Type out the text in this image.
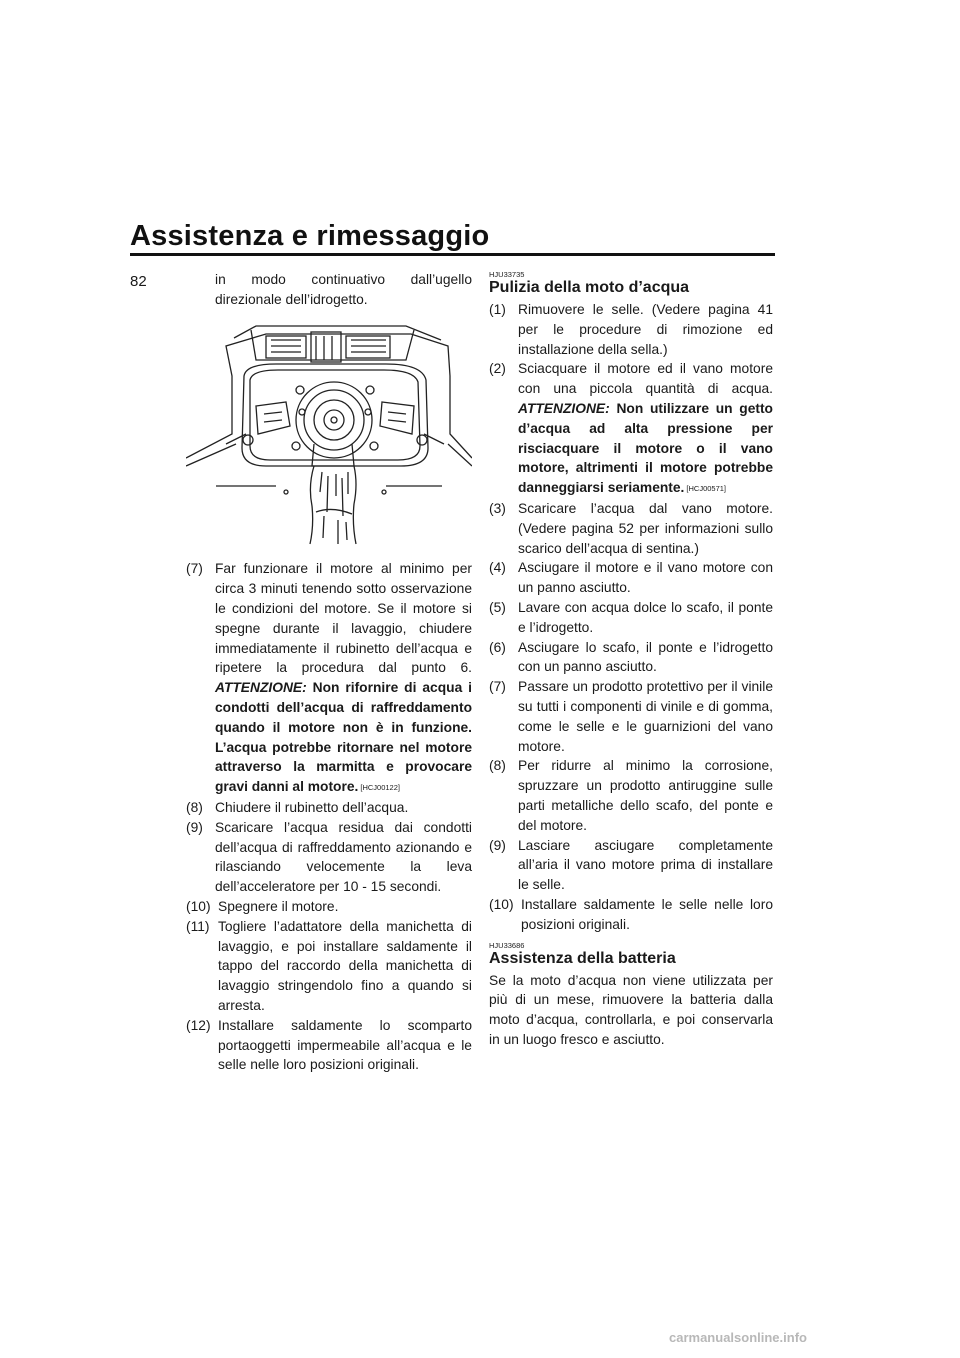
Assistenza e rimessaggio
82	in modo continuativo dall’ugello direzionale dell’idrogetto.

(7) Far funzionare il motore al minimo per circa 3 minuti tenendo sotto osservazione le condizioni del motore. Se il motore si spegne durante il lavaggio, chiudere immediatamente il rubinetto dell’acqua e ripetere la procedura dal punto 6. ATTENZIONE: Non rifornire di acqua i condotti dell’acqua di raffreddamento quando il motore non è in funzione. L’acqua potrebbe ritornare nel motore attraverso la marmitta e provocare gravi danni al motore. [HCJ00122]

(8) Chiudere il rubinetto dell’acqua.

(9) Scaricare l’acqua residua dai condotti dell’acqua di raffreddamento azionando e rilasciando velocemente la leva dell’acceleratore per 10 - 15 secondi.

(10) Spegnere il motore.

(11) Togliere l’adattatore della manichetta di lavaggio, e poi installare saldamente il tappo del raccordo della manichetta di lavaggio stringendolo fino a quando si arresta.

(12) Installare saldamente lo scomparto portaoggetti impermeabile all’acqua e le selle nelle loro posizioni originali.

HJU33735

Pulizia della moto d’acqua

(1) Rimuovere le selle. (Vedere pagina 41 per le procedure di rimozione ed installazione della sella.)

(2) Sciacquare il motore ed il vano motore con una piccola quantità di acqua. ATTENZIONE: Non utilizzare un getto d’acqua ad alta pressione per risciacquare il motore o il vano motore, altrimenti il motore potrebbe danneggiarsi seriamente. [HCJ00571]

(3) Scaricare l’acqua dal vano motore. (Vedere pagina 52 per informazioni sullo scarico dell’acqua di sentina.)

(4) Asciugare il motore e il vano motore con un panno asciutto.

(5) Lavare con acqua dolce lo scafo, il ponte e l’idrogetto.

(6) Asciugare lo scafo, il ponte e l’idrogetto con un panno asciutto.

(7) Passare un prodotto protettivo per il vinile su tutti i componenti di vinile e di gomma, come le selle e le guarnizioni del vano motore.

(8) Per ridurre al minimo la corrosione, spruzzare un prodotto antiruggine sulle parti metalliche dello scafo, del ponte e del motore.

(9) Lasciare asciugare completamente all’aria il vano motore prima di installare le selle.

(10) Installare saldamente le selle nelle loro posizioni originali.

HJU33686

Assistenza della batteria

Se la moto d’acqua non viene utilizzata per più di un mese, rimuovere la batteria dalla moto d’acqua, controllarla, e poi conservarla in un luogo fresco e asciutto.

carmanualsonline.info
